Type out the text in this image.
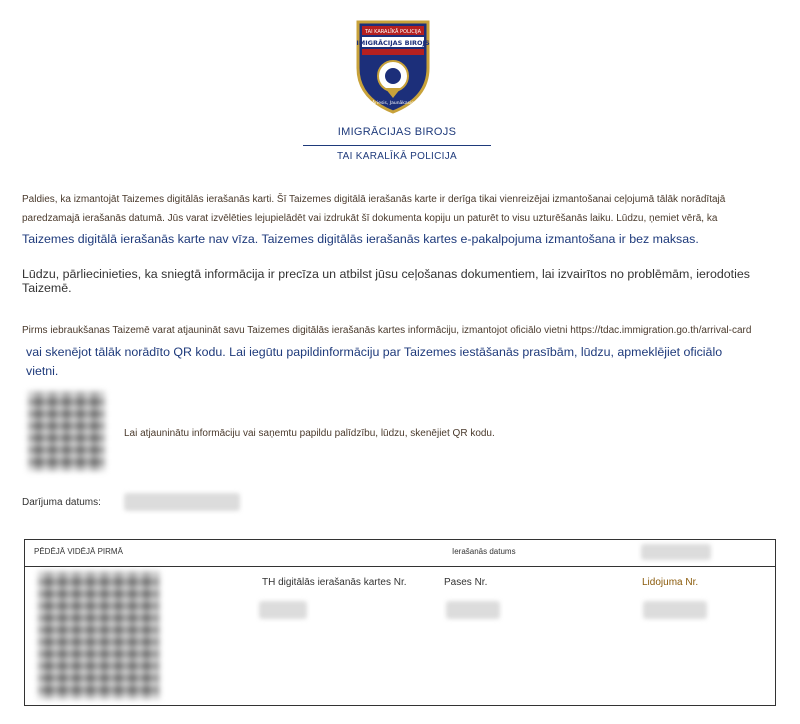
TAI KARALĪKĀ POLICIJA
IMIGRĀCIJAS BIROJS
Āriesis, Jaunākasie
IMIGRĀCIJAS BIROJS
TAI KARALĪKĀ POLICIJA
Paldies, ka izmantojāt Taizemes digitālās ierašanās karti. Šī Taizemes digitālā ierašanās karte ir derīga tikai vienreizējai izmantošanai ceļojumā tālāk norādītajā
paredzamajā ierašanās datumā. Jūs varat izvēlēties lejupielādēt vai izdrukāt šī dokumenta kopiju un paturēt to visu uzturēšanās laiku. Lūdzu, ņemiet vērā, ka
Taizemes digitālā ierašanās karte nav vīza. Taizemes digitālās ierašanās kartes e-pakalpojuma izmantošana ir bez maksas.
Lūdzu, pārliecinieties, ka sniegtā informācija ir precīza un atbilst jūsu ceļošanas dokumentiem, lai izvairītos no problēmām, ierodoties Taizemē.
Pirms iebraukšanas Taizemē varat atjaunināt savu Taizemes digitālās ierašanās kartes informāciju, izmantojot oficiālo vietni https://tdac.immigration.go.th/arrival-card
vai skenējot tālāk norādīto QR kodu. Lai iegūtu papildinformāciju par Taizemes iestāšanās prasībām, lūdzu, apmeklējiet oficiālo
vietni.
Lai atjauninātu informāciju vai saņemtu papildu palīdzību, lūdzu, skenējiet QR kodu.
Darījuma datums:
PĒDĒJĀ VIDĒJĀ PIRMĀ	Ierašanās datums
TH digitālās ierašanās kartes Nr.	Pases Nr.	Lidojuma Nr.
